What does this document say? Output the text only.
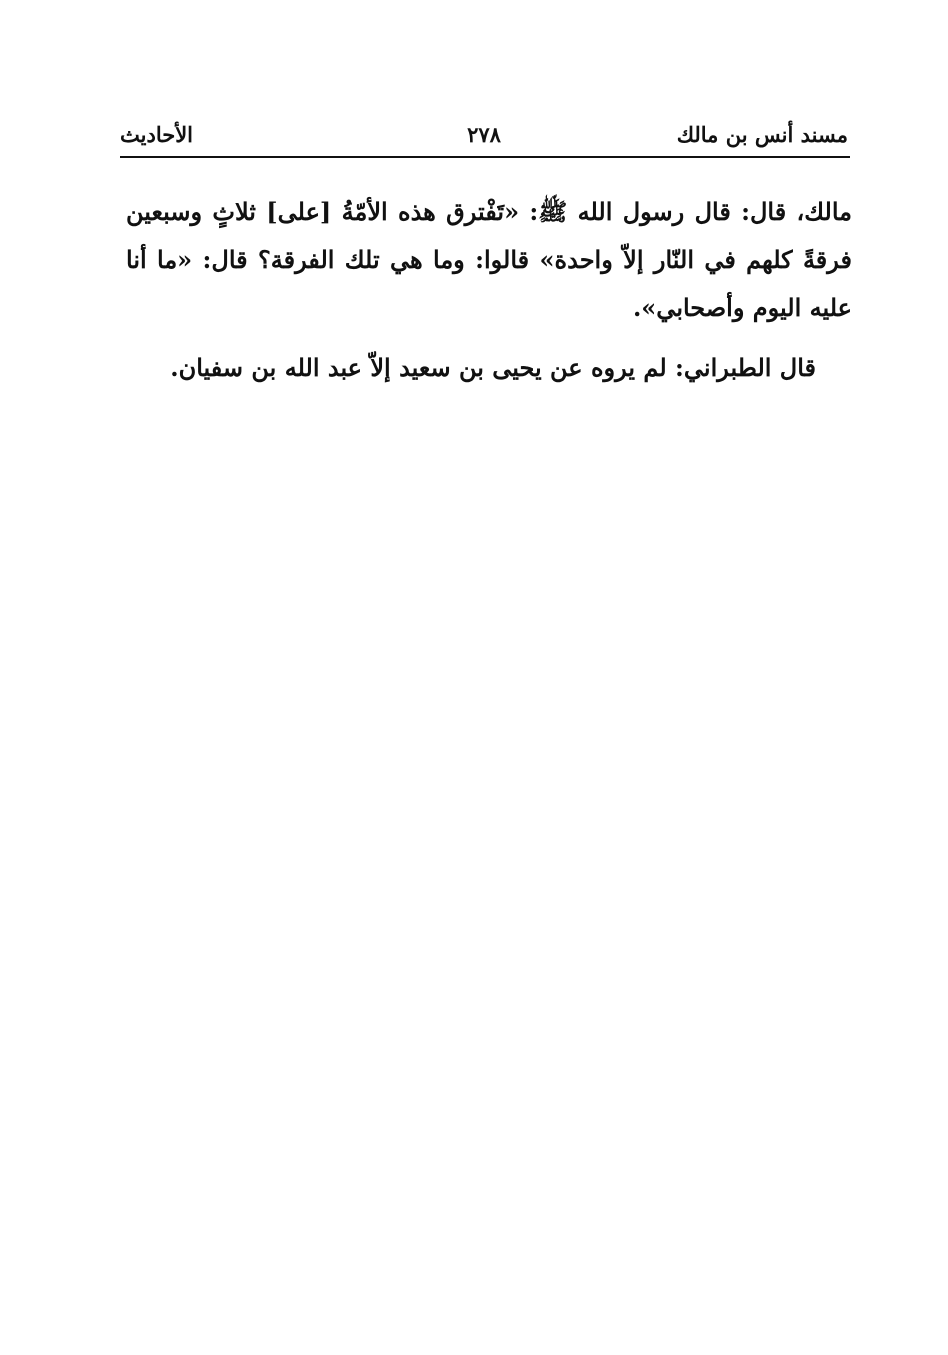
مسند أنس بن مالك
٢٧٨
الأحاديث

مالك، قال: قال رسول الله ﷺ: «تَفْترق هذه الأمّةُ [على] ثلاثٍ وسبعين فرقةً كلهم في النّار إلاّ واحدة» قالوا: وما هي تلك الفرقة؟ قال: «ما أنا عليه اليوم وأصحابي».

قال الطبراني: لم يروه عن يحيى بن سعيد إلاّ عبد الله بن سفيان.
